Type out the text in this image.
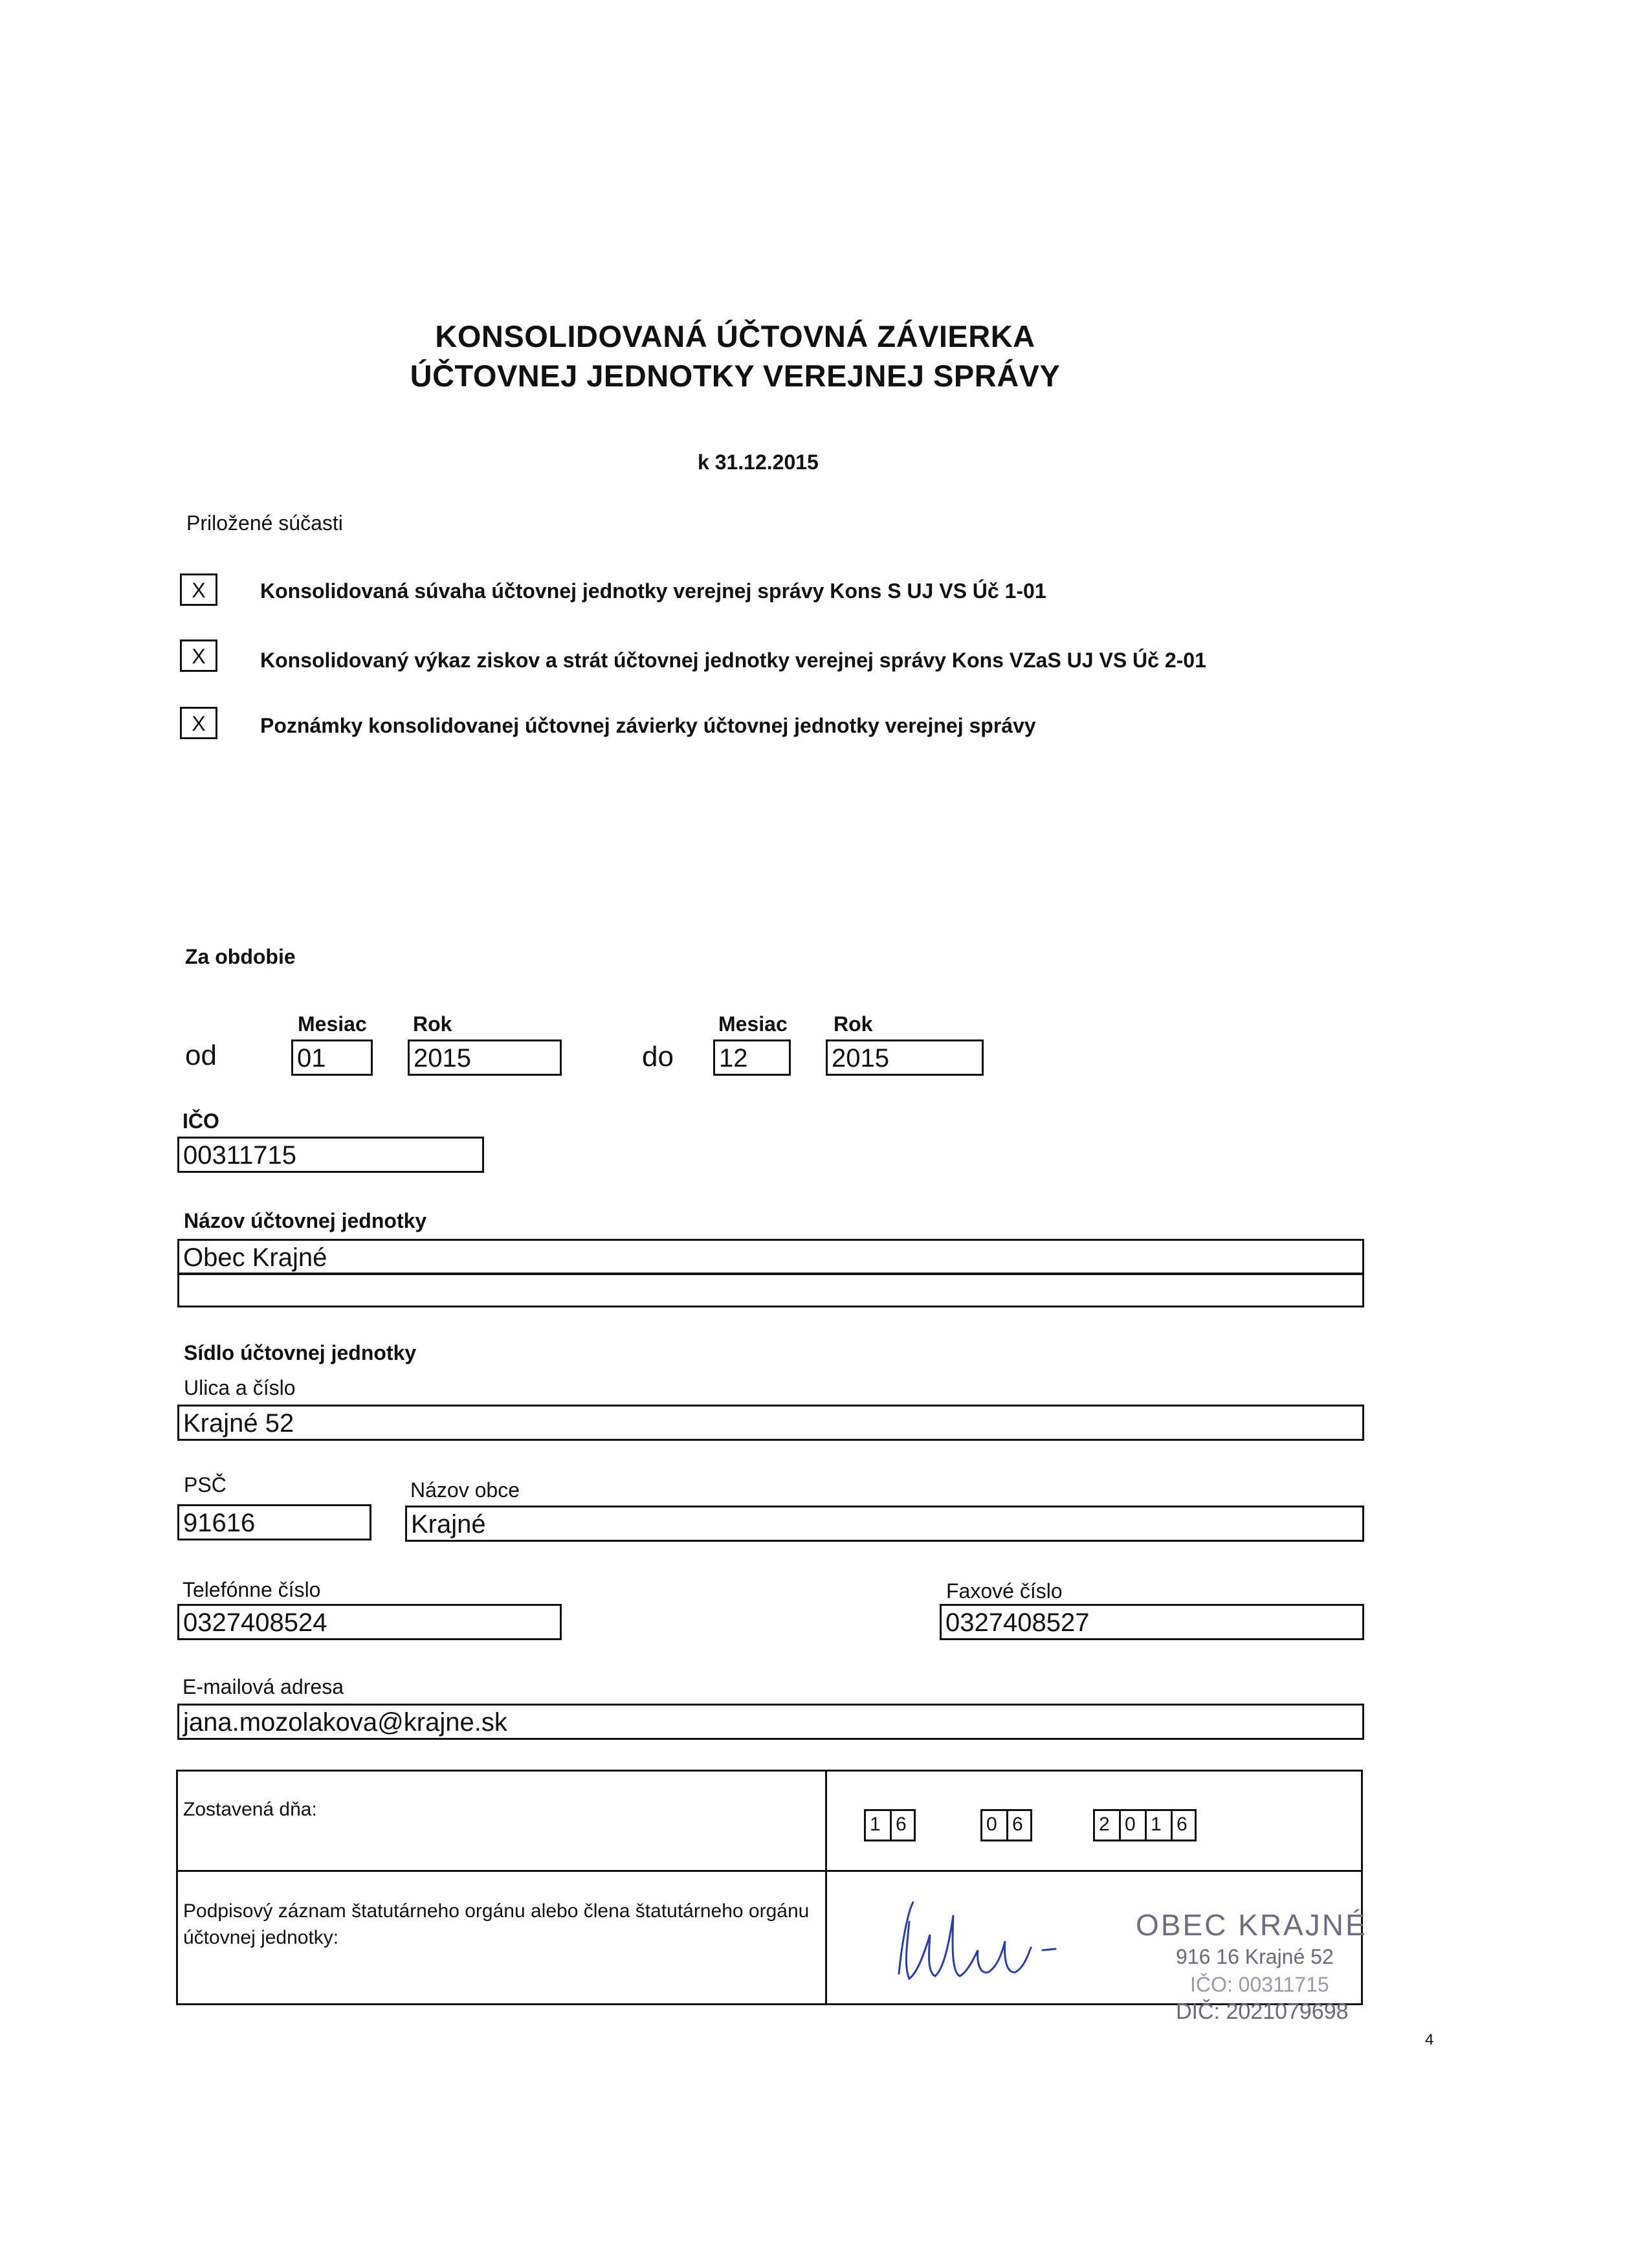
KONSOLIDOVANÁ ÚČTOVNÁ ZÁVIERKA
ÚČTOVNEJ JEDNOTKY VEREJNEJ SPRÁVY
k 31.12.2015
Priložené súčasti
X	Konsolidovaná súvaha účtovnej jednotky verejnej správy Kons S UJ VS Úč 1-01
X	Konsolidovaný výkaz ziskov a strát účtovnej jednotky verejnej správy Kons VZaS UJ VS Úč 2-01
X	Poznámky konsolidovanej účtovnej závierky účtovnej jednotky verejnej správy
Za obdobie
Mesiac Rok
od	01	2015
Mesiac Rok
do 12	2015
IČO
00311715
Názov účtovnej jednotky
Obec Krajné
Sídlo účtovnej jednotky
Ulica a číslo
Krajné 52
PSČ
91616
Názov obce
Krajné
Telefónne číslo
0327408524
Faxové číslo
0327408527
E-mailová adresa
jana.mozolakova@krajne.sk
Zostavená dňa:
1 6	0 6	2 0 1 6
Podpisový záznam štatutárneho orgánu alebo člena štatutárneho orgánu účtovnej jednotky:	OBEC KRAJNÉ
916 16 Krajné 52
IČO: 00311715
DIČ: 2021079698
4
